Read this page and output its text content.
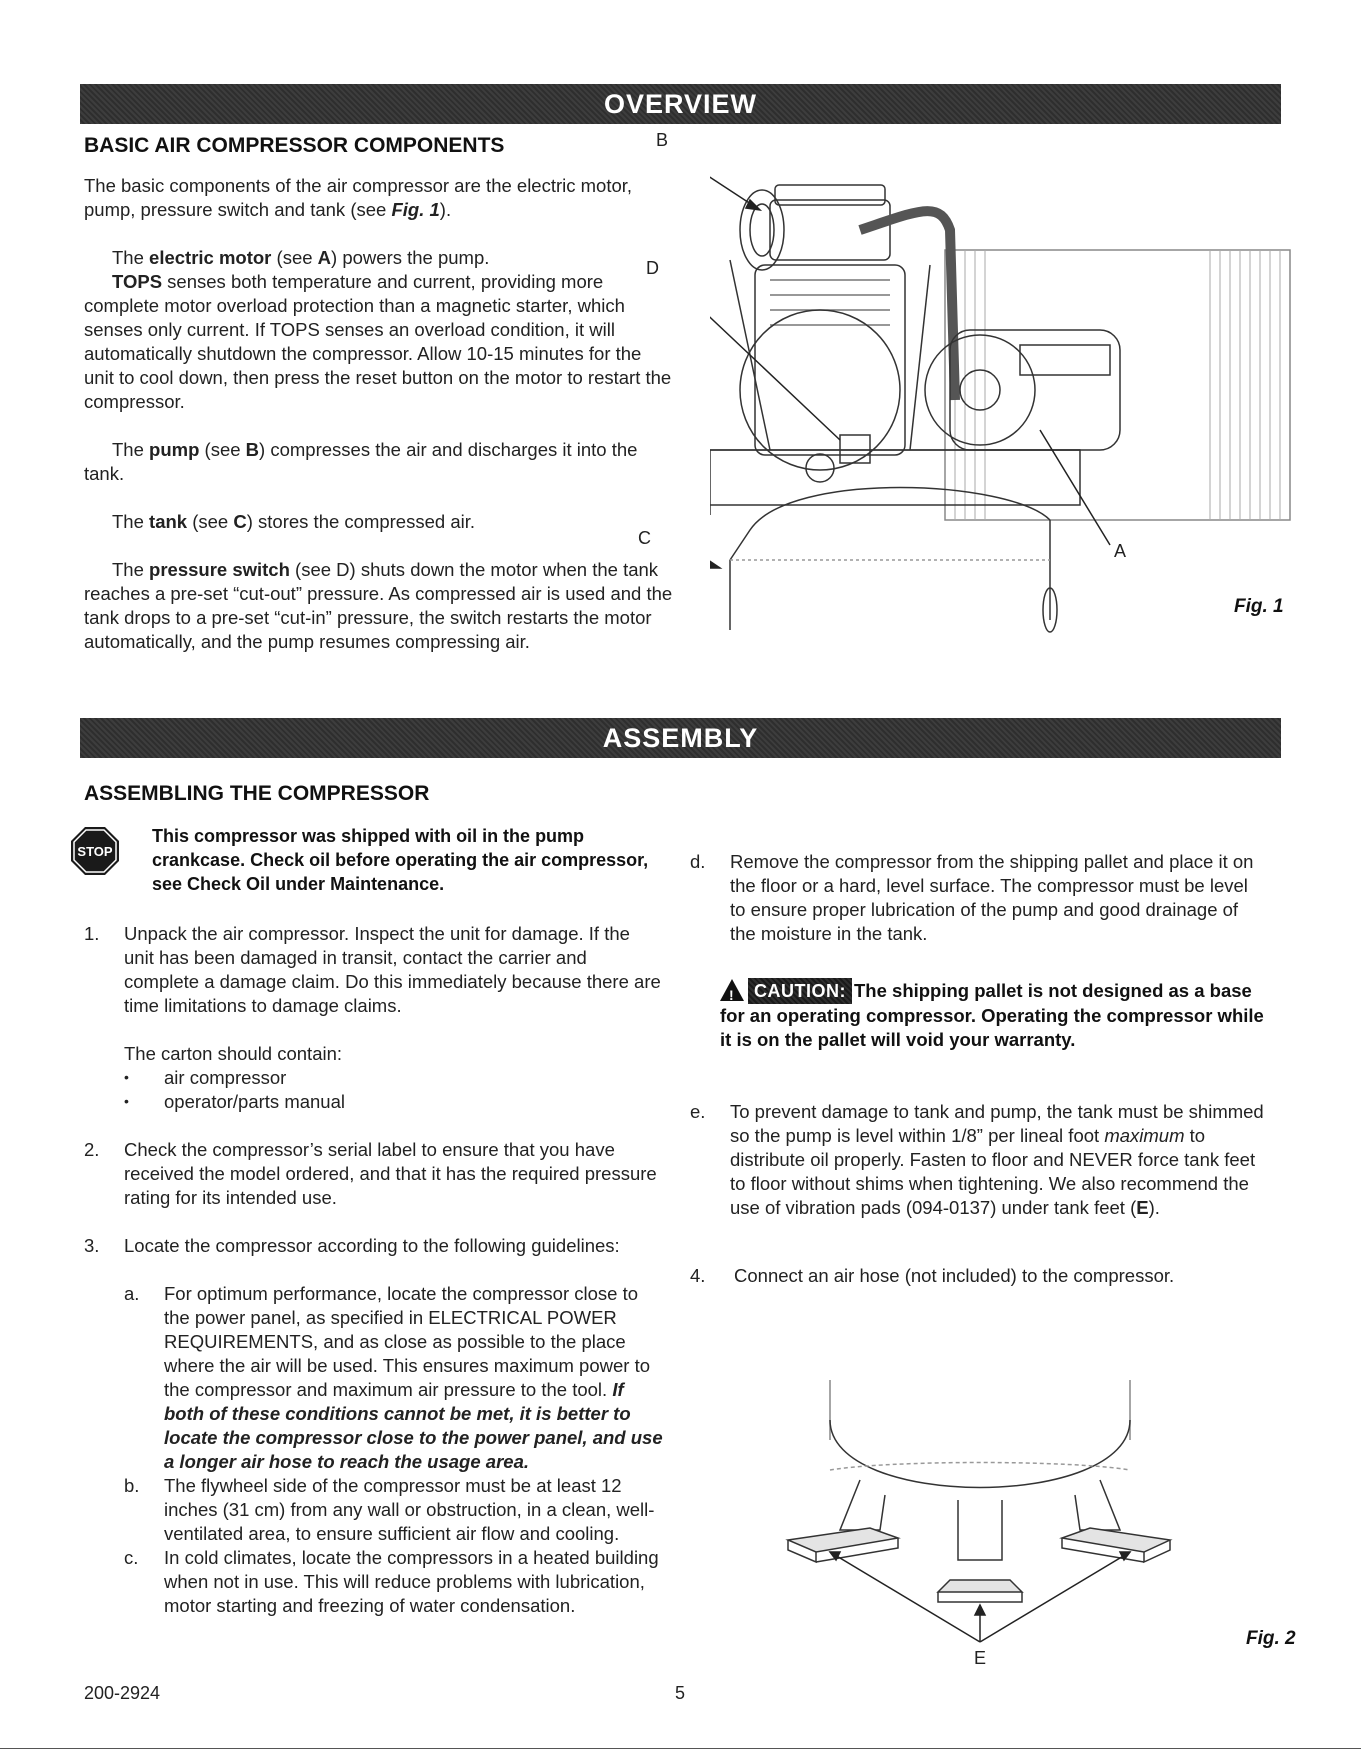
OVERVIEW
BASIC AIR COMPRESSOR COMPONENTS

The basic components of the air compressor are the electric motor, pump, pressure switch and tank (see Fig. 1).

The electric motor (see A) powers the pump.

TOPS senses both temperature and current, providing more complete motor overload protection than a magnetic starter, which senses only current. If TOPS senses an overload condition, it will automatically shutdown the compressor. Allow 10-15 minutes for the unit to cool down, then press the reset button on the motor to restart the compressor.

The pump (see B) compresses the air and discharges it into the tank.

The tank (see C) stores the compressed air.

The pressure switch (see D) shuts down the motor when the tank reaches a pre-set “cut-out” pressure. As compressed air is used and the tank drops to a pre-set “cut-in” pressure, the switch restarts the motor automatically, and the pump resumes compressing air.

B
D
C
A
Fig. 1
ASSEMBLY
ASSEMBLING THE COMPRESSOR
STOP
This compressor was shipped with oil in the pump crankcase. Check oil before operating the air compressor, see Check Oil under Maintenance.
1. Unpack the air compressor. Inspect the unit for damage. If the unit has been damaged in transit, contact the carrier and complete a damage claim. Do this immediately because there are time limitations to damage claims.

The carton should contain:

• air compressor
• operator/parts manual
2. Check the compressor’s serial label to ensure that you have received the model ordered, and that it has the required pressure rating for its intended use.
3. Locate the compressor according to the following guidelines:
a. For optimum performance, locate the compressor close to the power panel, as specified in ELECTRICAL POWER REQUIREMENTS, and as close as possible to the place where the air will be used. This ensures maximum power to the compressor and maximum air pressure to the tool. If both of these conditions cannot be met, it is better to locate the compressor close to the power panel, and use a longer air hose to reach the usage area.
b. The flywheel side of the compressor must be at least 12 inches (31 cm) from any wall or obstruction, in a clean, well-ventilated area, to ensure sufficient air flow and cooling.
c. In cold climates, locate the compressors in a heated building when not in use. This will reduce problems with lubrication, motor starting and freezing of water condensation.
d. Remove the compressor from the shipping pallet and place it on the floor or a hard, level surface. The compressor must be level to ensure proper lubrication of the pump and good drainage of the moisture in the tank.
!CAUTION: The shipping pallet is not designed as a base for an operating compressor. Operating the compressor while it is on the pallet will void your warranty.
e. To prevent damage to tank and pump, the tank must be shimmed so the pump is level within 1/8” per lineal foot maximum to distribute oil properly. Fasten to floor and NEVER force tank feet to floor without shims when tightening. We also recommend the use of vibration pads (094-0137) under tank feet (E).
4. Connect an air hose (not included) to the compressor.
E
Fig. 2
200-2924	5
